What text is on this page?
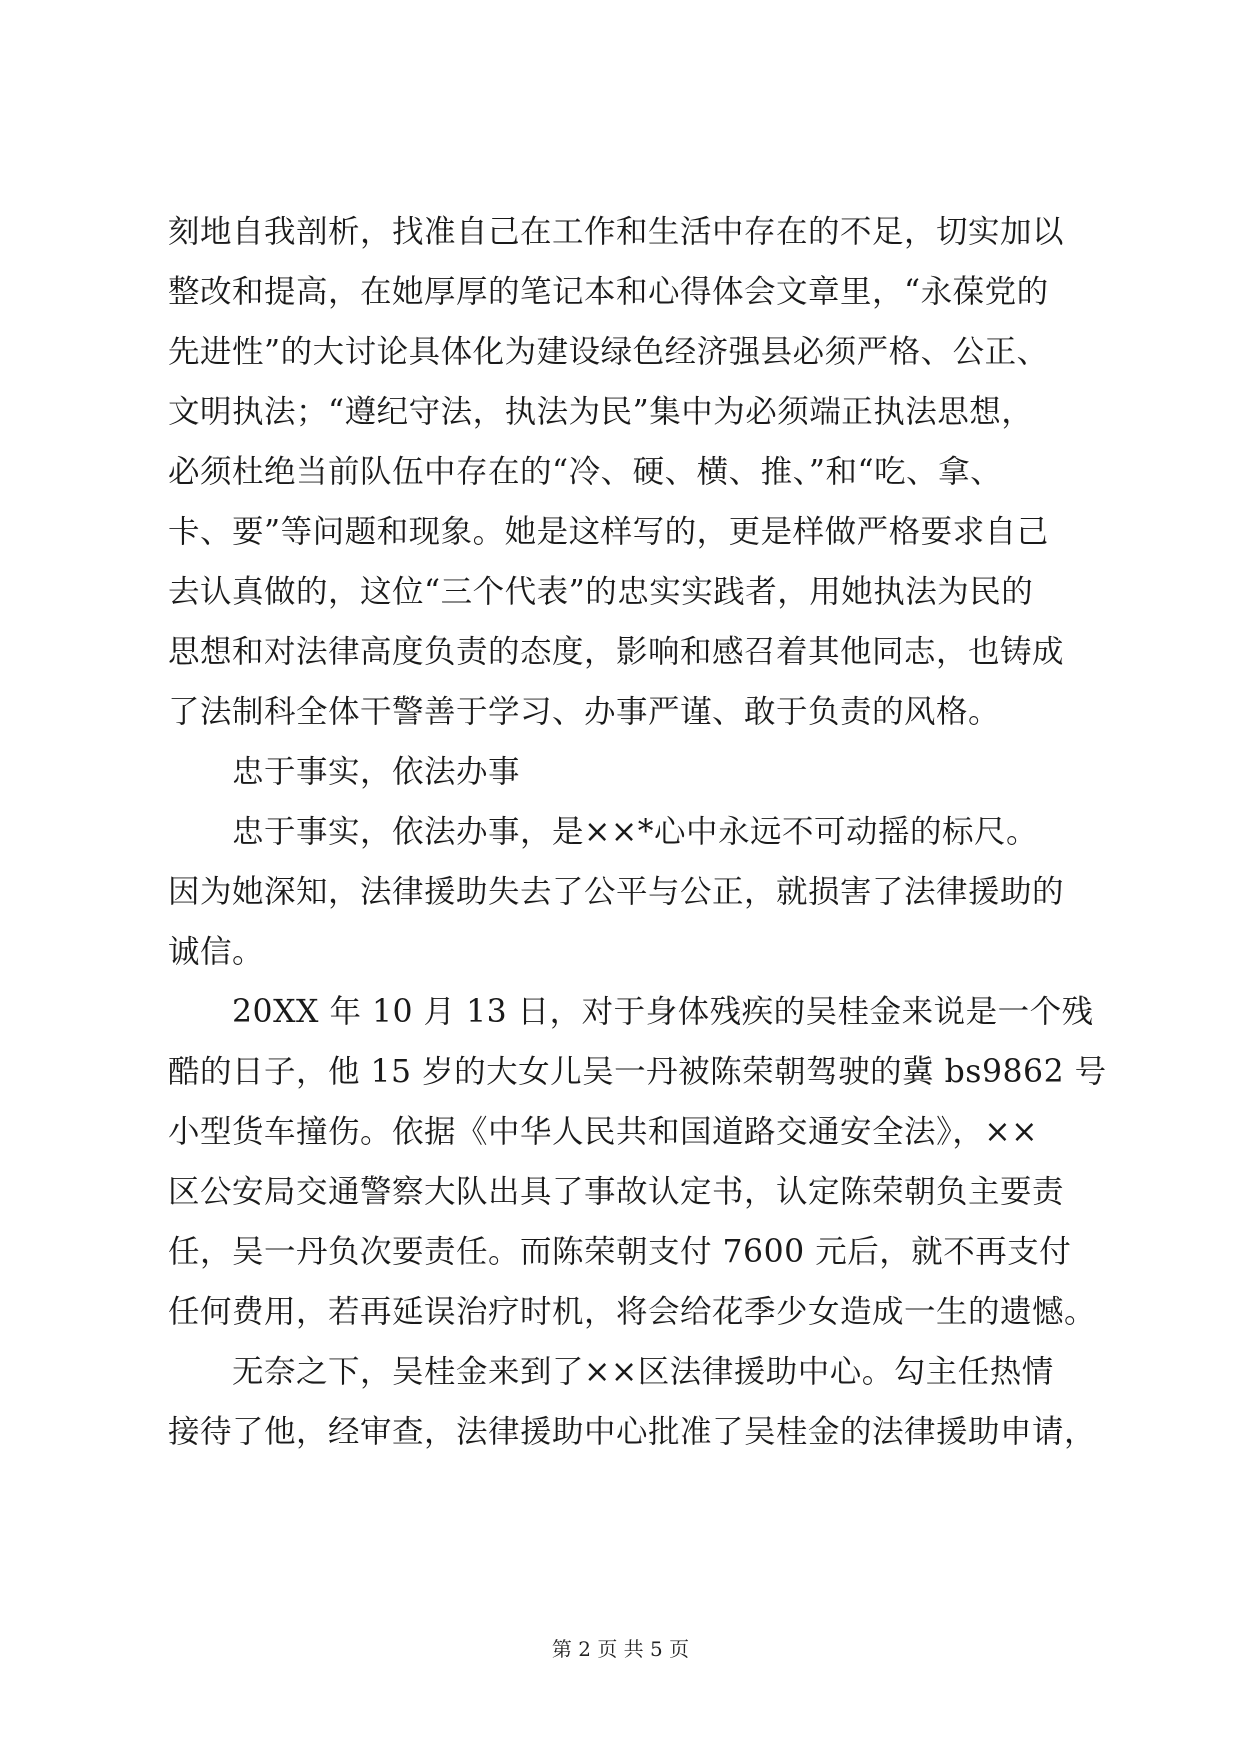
刻地自我剖析，找准自己在工作和生活中存在的不足，切实加以
整改和提高，在她厚厚的笔记本和心得体会文章里，“永葆党的
先进性”的大讨论具体化为建设绿色经济强县必须严格、公正、
文明执法；“遵纪守法，执法为民”集中为必须端正执法思想，
必须杜绝当前队伍中存在的“冷、硬、横、推、”和“吃、拿、
卡、要”等问题和现象。她是这样写的，更是样做严格要求自己
去认真做的，这位“三个代表”的忠实实践者，用她执法为民的
思想和对法律高度负责的态度，影响和感召着其他同志，也铸成
了法制科全体干警善于学习、办事严谨、敢于负责的风格。
忠于事实，依法办事
忠于事实，依法办事，是××*心中永远不可动摇的标尺。
因为她深知，法律援助失去了公平与公正，就损害了法律援助的
诚信。
20XX 年 10 月 13 日，对于身体残疾的吴桂金来说是一个残
酷的日子，他 15 岁的大女儿吴一丹被陈荣朝驾驶的冀 bs9862 号
小型货车撞伤。依据《中华人民共和国道路交通安全法》，××
区公安局交通警察大队出具了事故认定书，认定陈荣朝负主要责
任，吴一丹负次要责任。而陈荣朝支付 7600 元后，就不再支付
任何费用，若再延误治疗时机，将会给花季少女造成一生的遗憾。
无奈之下，吴桂金来到了××区法律援助中心。勾主任热情
接待了他，经审查，法律援助中心批准了吴桂金的法律援助申请，
第 2 页 共 5 页
